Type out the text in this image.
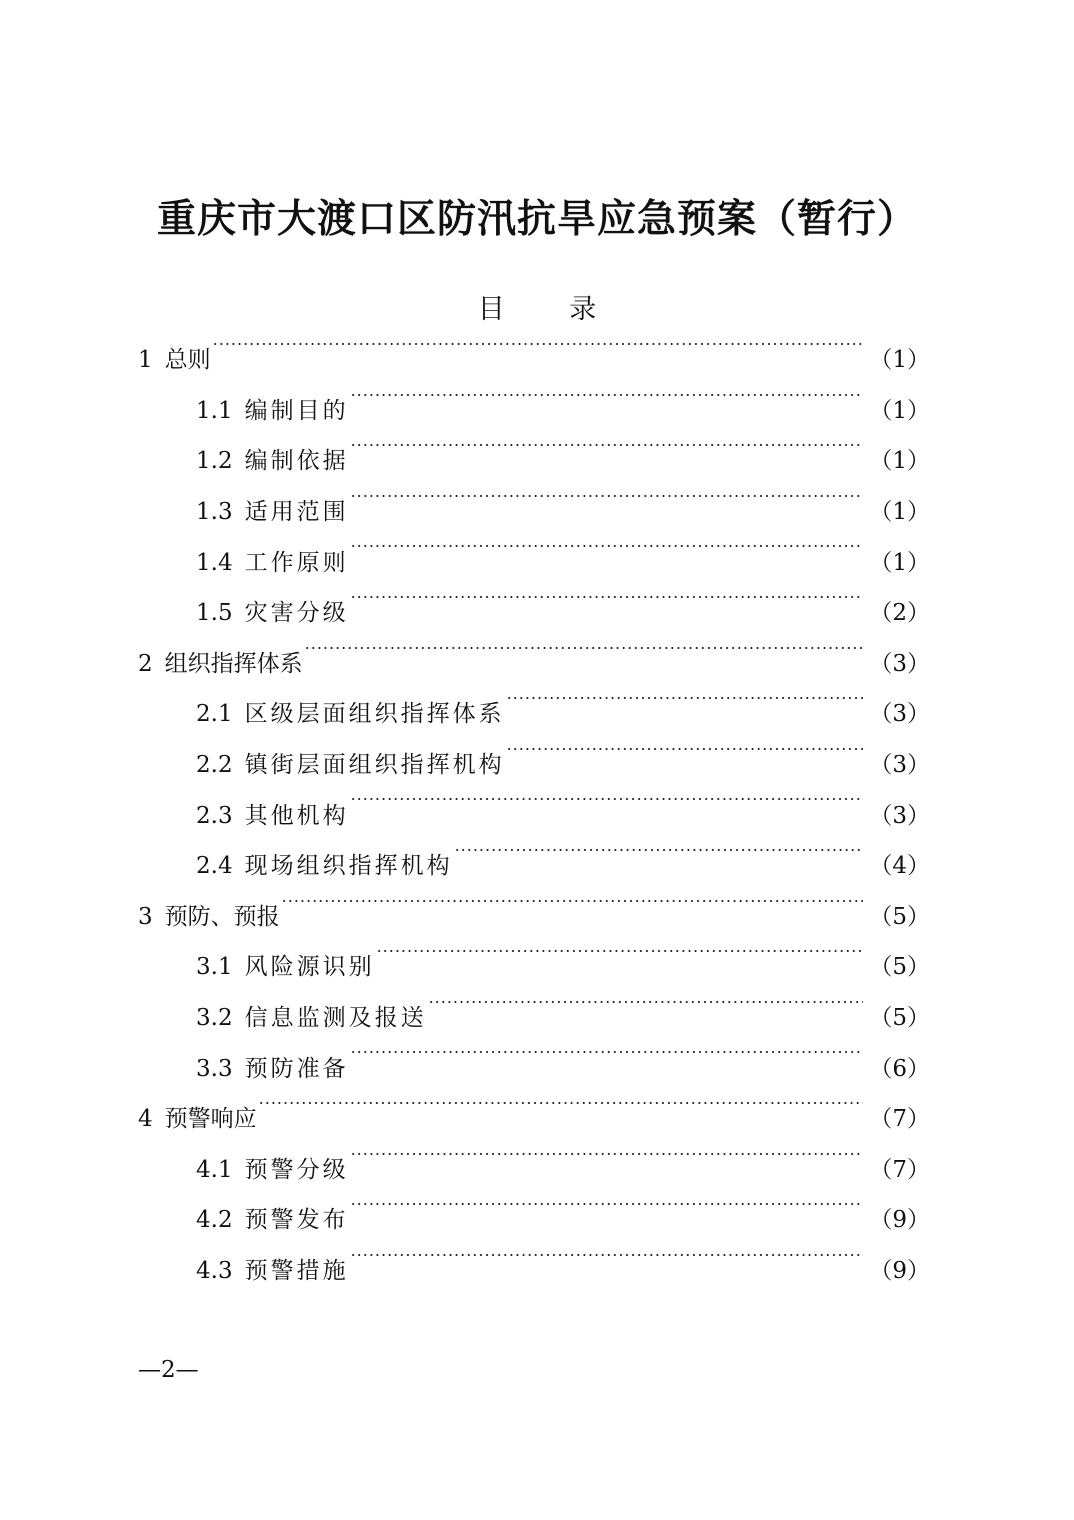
重庆市大渡口区防汛抗旱应急预案（暂行）
目 录
1 总则 .....	（1）
1.1 编制目的 .....	（1）
1.2 编制依据 .....	（1）
1.3 适用范围 .....	（1）
1.4 工作原则 .....	（1）
1.5 灾害分级 .....	（2）
2 组织指挥体系 .....	（3）
2.1 区级层面组织指挥体系 .....	（3）
2.2 镇街层面组织指挥机构 .....	（3）
2.3 其他机构 .....	（3）
2.4 现场组织指挥机构 .....	（4）
3 预防、预报 .....	（5）
3.1 风险源识别 .....	（5）
3.2 信息监测及报送 .....	（5）
3.3 预防准备 .....	（6）
4 预警响应 .....	（7）
4.1 预警分级 .....	（7）
4.2 预警发布 .....	（9）
4.3 预警措施 .....	（9）
—2—
